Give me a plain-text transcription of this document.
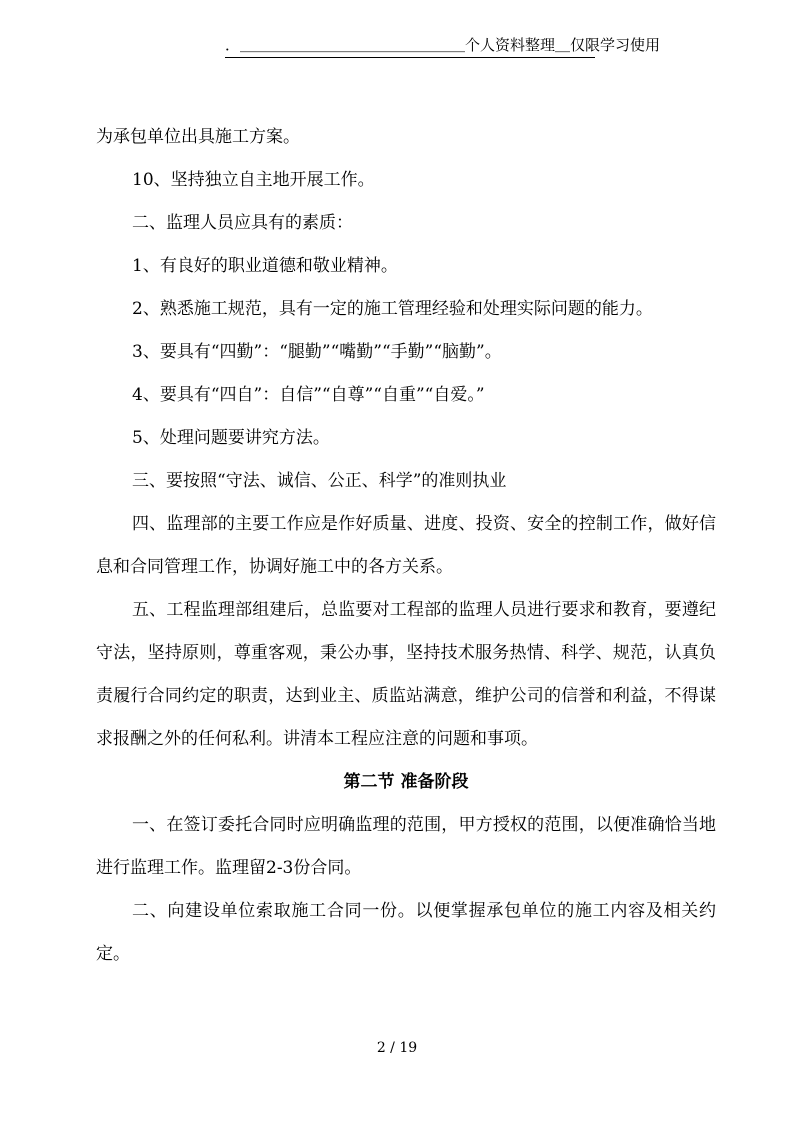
．＿＿＿＿＿＿＿＿＿＿＿＿＿＿＿个人资料整理＿仅限学习使用

为承包单位出具施工方案。

10、坚持独立自主地开展工作。

二、监理人员应具有的素质：

1、有良好的职业道德和敬业精神。

2、熟悉施工规范，具有一定的施工管理经验和处理实际问题的能力。

3、要具有“四勤”：“腿勤”“嘴勤”“手勤”“脑勤”。

4、要具有“四自”：自信”“自尊”“自重”“自爱。”

5、处理问题要讲究方法。

三、要按照“守法、诚信、公正、科学”的准则执业

四、监理部的主要工作应是作好质量、进度、投资、安全的控制工作，做好信息和合同管理工作，协调好施工中的各方关系。

五、工程监理部组建后，总监要对工程部的监理人员进行要求和教育，要遵纪守法，坚持原则，尊重客观，秉公办事，坚持技术服务热情、科学、规范，认真负责履行合同约定的职责，达到业主、质监站满意，维护公司的信誉和利益，不得谋求报酬之外的任何私利。讲清本工程应注意的问题和事项。

第二节 准备阶段

一、在签订委托合同时应明确监理的范围，甲方授权的范围，以便准确恰当地进行监理工作。监理留2-3份合同。

二、向建设单位索取施工合同一份。以便掌握承包单位的施工内容及相关约定。

2 / 19
